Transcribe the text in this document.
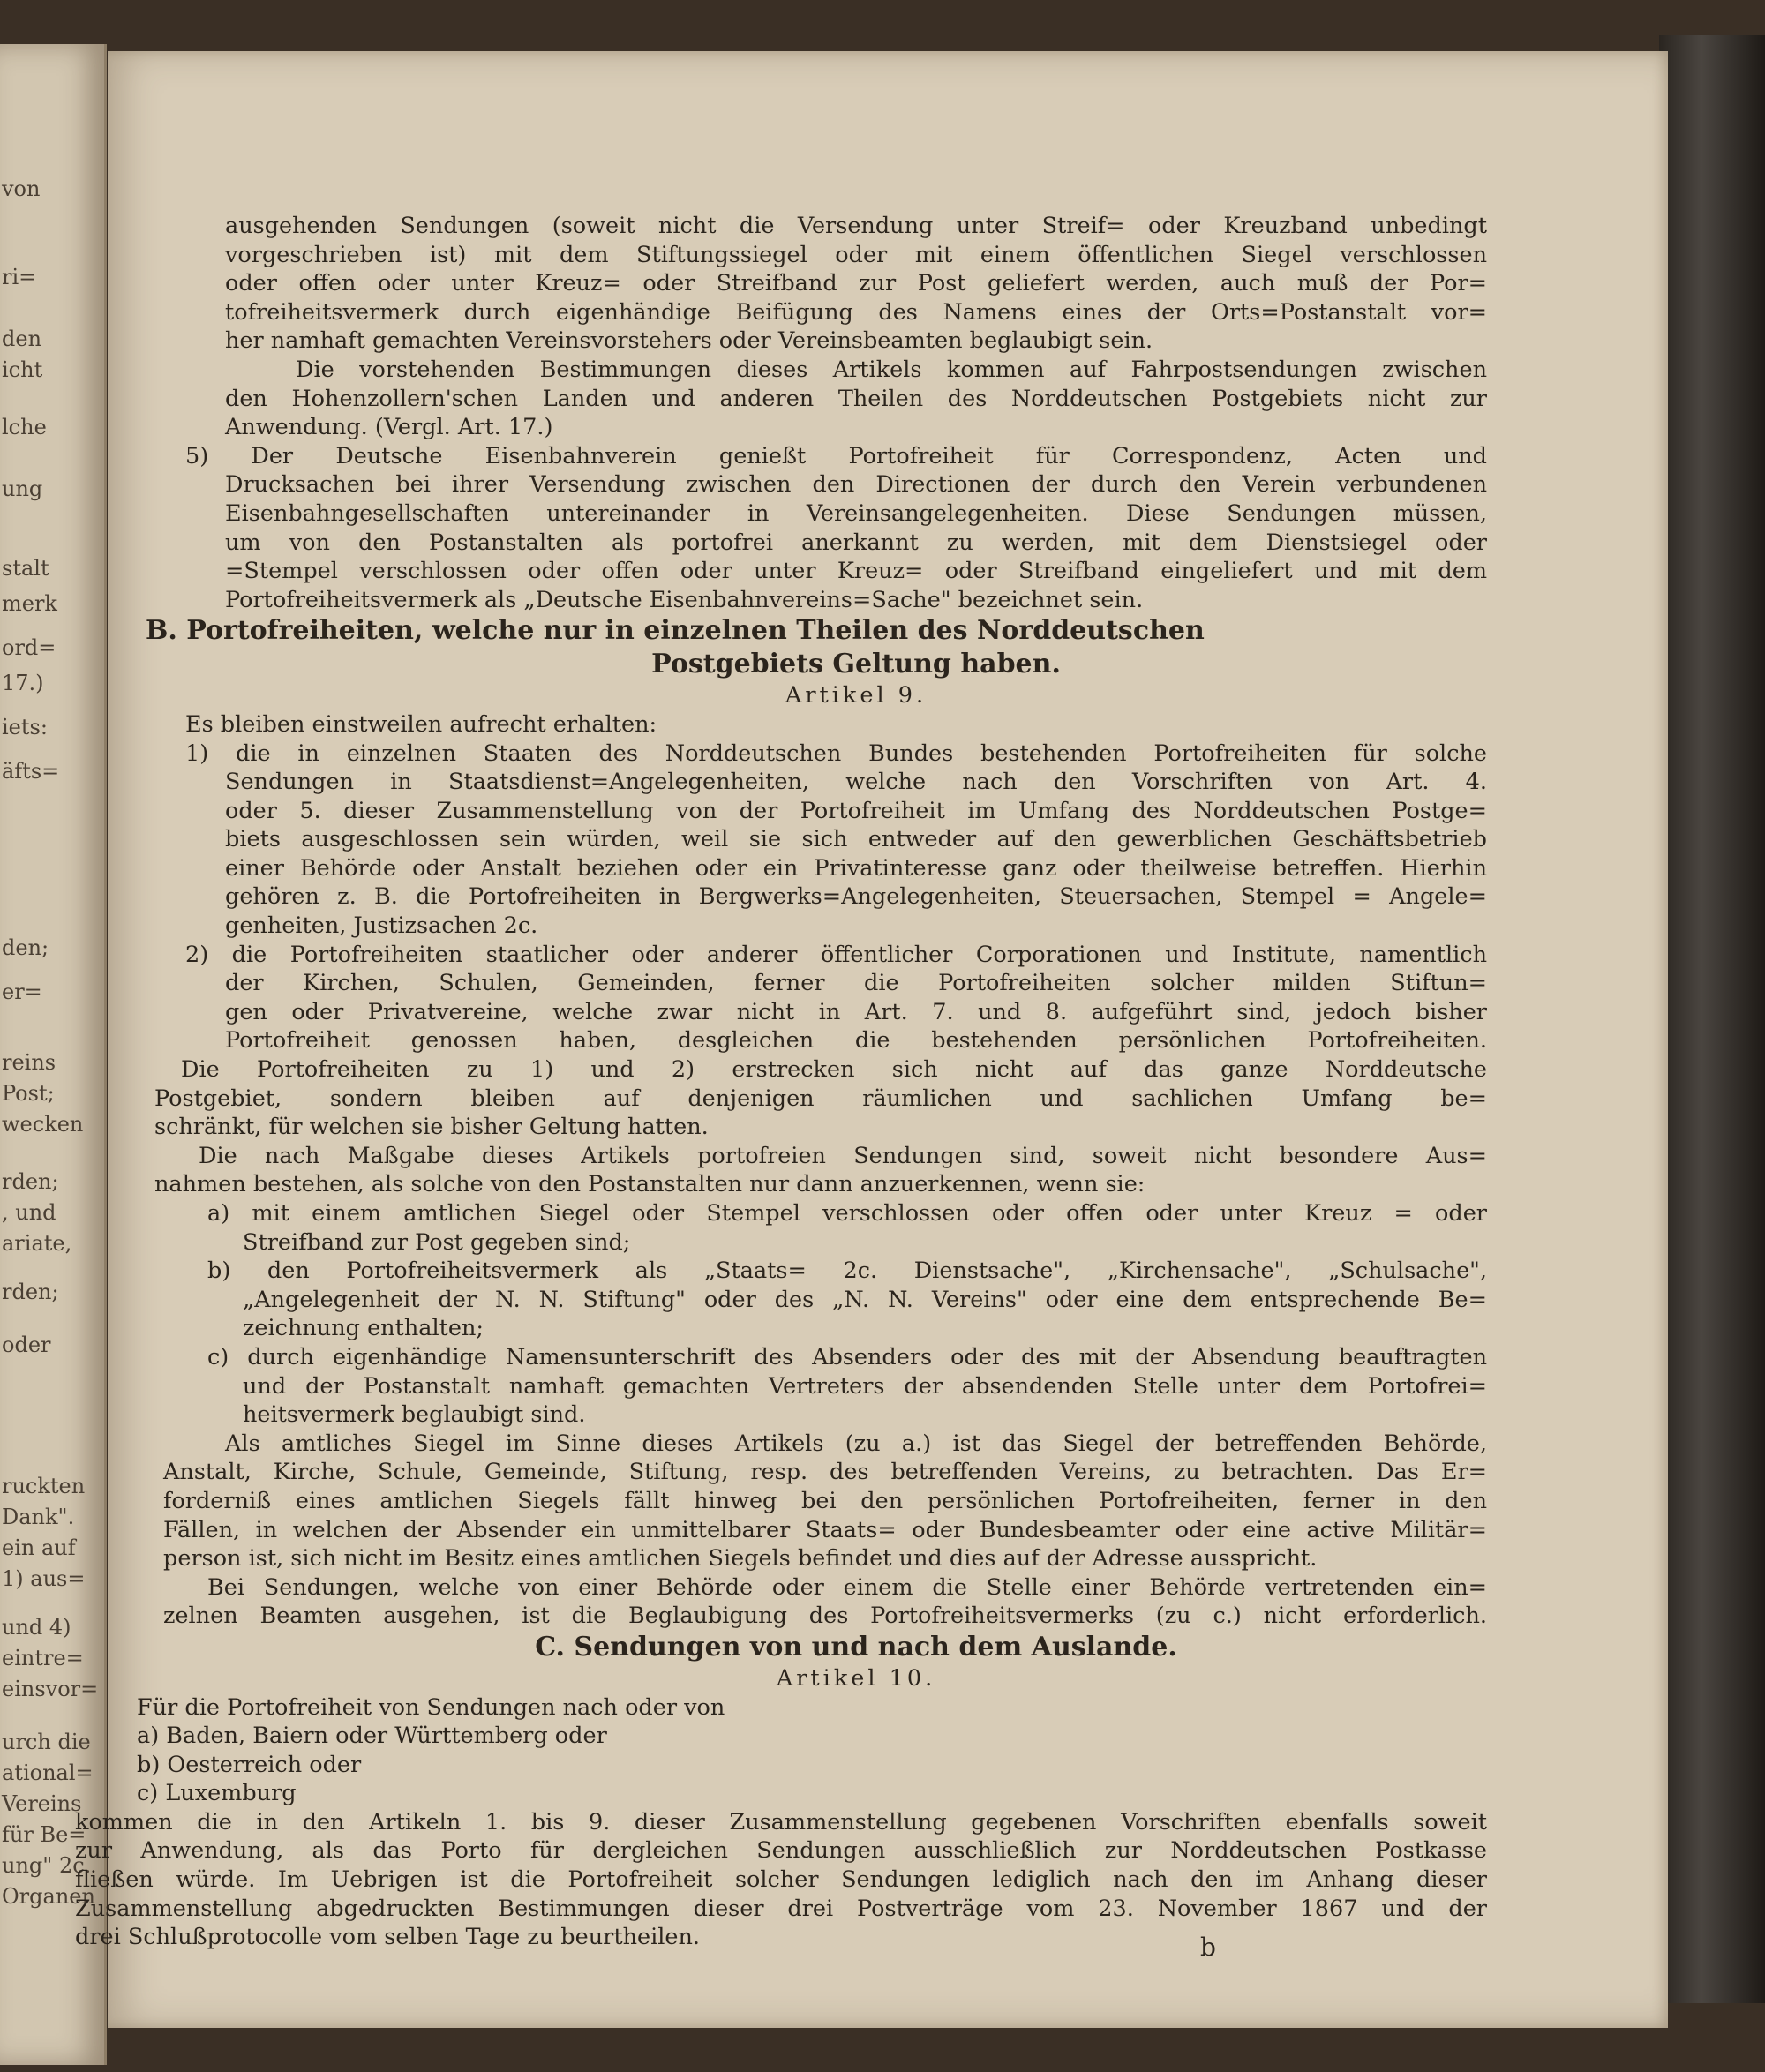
von
ri=
den
icht
lche
ung
stalt
merk
ord=
17.)
iets:
äfts=
den;
er=
reins
Post;
wecken
rden;
, und
ariate,
rden;
oder
ruckten
Dank".
ein auf
1) aus=
und 4)
eintre=
einsvor=
urch die
ational=
Vereins
für Be=
ung" 2c.
Organen
ausgehenden Sendungen (soweit nicht die Versendung unter Streif= oder Kreuzband unbedingt
vorgeschrieben ist) mit dem Stiftungssiegel oder mit einem öffentlichen Siegel verschlossen
oder offen oder unter Kreuz= oder Streifband zur Post geliefert werden, auch muß der Por=
tofreiheitsvermerk durch eigenhändige Beifügung des Namens eines der Orts=Postanstalt vor=
her namhaft gemachten Vereinsvorstehers oder Vereinsbeamten beglaubigt sein.
Die vorstehenden Bestimmungen dieses Artikels kommen auf Fahrpostsendungen zwischen
den Hohenzollern'schen Landen und anderen Theilen des Norddeutschen Postgebiets nicht zur
Anwendung. (Vergl. Art. 17.)
5) Der Deutsche Eisenbahnverein genießt Portofreiheit für Correspondenz, Acten und
Drucksachen bei ihrer Versendung zwischen den Directionen der durch den Verein verbundenen
Eisenbahngesellschaften untereinander in Vereinsangelegenheiten. Diese Sendungen müssen,
um von den Postanstalten als portofrei anerkannt zu werden, mit dem Dienstsiegel oder
=Stempel verschlossen oder offen oder unter Kreuz= oder Streifband eingeliefert und mit dem
Portofreiheitsvermerk als „Deutsche Eisenbahnvereins=Sache" bezeichnet sein.
B. Portofreiheiten, welche nur in einzelnen Theilen des Norddeutschen
Postgebiets Geltung haben.
Artikel 9.
Es bleiben einstweilen aufrecht erhalten:
1) die in einzelnen Staaten des Norddeutschen Bundes bestehenden Portofreiheiten für solche
Sendungen in Staatsdienst=Angelegenheiten, welche nach den Vorschriften von Art. 4.
oder 5. dieser Zusammenstellung von der Portofreiheit im Umfang des Norddeutschen Postge=
biets ausgeschlossen sein würden, weil sie sich entweder auf den gewerblichen Geschäftsbetrieb
einer Behörde oder Anstalt beziehen oder ein Privatinteresse ganz oder theilweise betreffen. Hierhin
gehören z. B. die Portofreiheiten in Bergwerks=Angelegenheiten, Steuersachen, Stempel = Angele=
genheiten, Justizsachen 2c.
2) die Portofreiheiten staatlicher oder anderer öffentlicher Corporationen und Institute, namentlich
der Kirchen, Schulen, Gemeinden, ferner die Portofreiheiten solcher milden Stiftun=
gen oder Privatvereine, welche zwar nicht in Art. 7. und 8. aufgeführt sind, jedoch bisher
Portofreiheit genossen haben, desgleichen die bestehenden persönlichen Portofreiheiten.
Die Portofreiheiten zu 1) und 2) erstrecken sich nicht auf das ganze Norddeutsche
Postgebiet, sondern bleiben auf denjenigen räumlichen und sachlichen Umfang be=
schränkt, für welchen sie bisher Geltung hatten.
Die nach Maßgabe dieses Artikels portofreien Sendungen sind, soweit nicht besondere Aus=
nahmen bestehen, als solche von den Postanstalten nur dann anzuerkennen, wenn sie:
a) mit einem amtlichen Siegel oder Stempel verschlossen oder offen oder unter Kreuz = oder
Streifband zur Post gegeben sind;
b) den Portofreiheitsvermerk als „Staats= 2c. Dienstsache", „Kirchensache", „Schulsache",
„Angelegenheit der N. N. Stiftung" oder des „N. N. Vereins" oder eine dem entsprechende Be=
zeichnung enthalten;
c) durch eigenhändige Namensunterschrift des Absenders oder des mit der Absendung beauftragten
und der Postanstalt namhaft gemachten Vertreters der absendenden Stelle unter dem Portofrei=
heitsvermerk beglaubigt sind.
Als amtliches Siegel im Sinne dieses Artikels (zu a.) ist das Siegel der betreffenden Behörde,
Anstalt, Kirche, Schule, Gemeinde, Stiftung, resp. des betreffenden Vereins, zu betrachten. Das Er=
forderniß eines amtlichen Siegels fällt hinweg bei den persönlichen Portofreiheiten, ferner in den
Fällen, in welchen der Absender ein unmittelbarer Staats= oder Bundesbeamter oder eine active Militär=
person ist, sich nicht im Besitz eines amtlichen Siegels befindet und dies auf der Adresse ausspricht.
Bei Sendungen, welche von einer Behörde oder einem die Stelle einer Behörde vertretenden ein=
zelnen Beamten ausgehen, ist die Beglaubigung des Portofreiheitsvermerks (zu c.) nicht erforderlich.
C. Sendungen von und nach dem Auslande.
Artikel 10.
Für die Portofreiheit von Sendungen nach oder von
a) Baden, Baiern oder Württemberg oder
b) Oesterreich oder
c) Luxemburg
kommen die in den Artikeln 1. bis 9. dieser Zusammenstellung gegebenen Vorschriften ebenfalls soweit
zur Anwendung, als das Porto für dergleichen Sendungen ausschließlich zur Norddeutschen Postkasse
fließen würde. Im Uebrigen ist die Portofreiheit solcher Sendungen lediglich nach den im Anhang dieser
Zusammenstellung abgedruckten Bestimmungen dieser drei Postverträge vom 23. November 1867 und der
drei Schlußprotocolle vom selben Tage zu beurtheilen.	b
